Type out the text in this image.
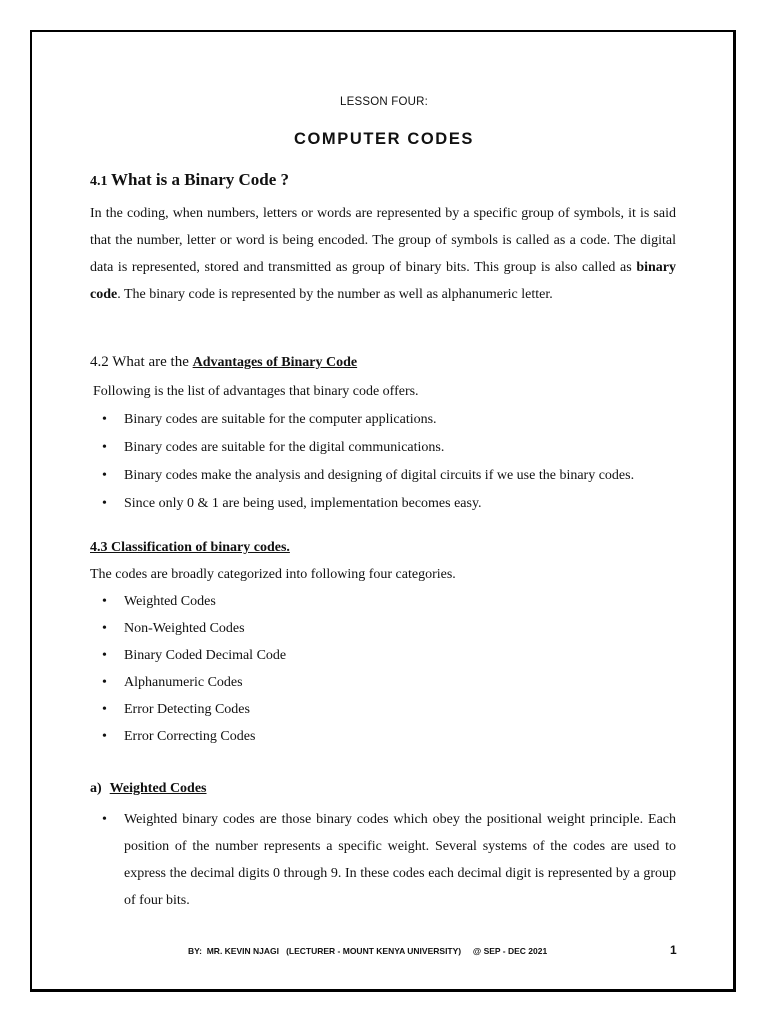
LESSON FOUR:
COMPUTER CODES
4.1 What is a Binary Code ?
In the coding, when numbers, letters or words are represented by a specific group of symbols, it is said that the number, letter or word is being encoded. The group of symbols is called as a code. The digital data is represented, stored and transmitted as group of binary bits. This group is also called as binary code. The binary code is represented by the number as well as alphanumeric letter.
4.2 What are the Advantages of Binary Code
Following is the list of advantages that binary code offers.
• Binary codes are suitable for the computer applications.
• Binary codes are suitable for the digital communications.
• Binary codes make the analysis and designing of digital circuits if we use the binary codes.
• Since only 0 & 1 are being used, implementation becomes easy.
4.3 Classification of binary codes.
The codes are broadly categorized into following four categories.
• Weighted Codes
• Non-Weighted Codes
• Binary Coded Decimal Code
• Alphanumeric Codes
• Error Detecting Codes
• Error Correcting Codes
a) Weighted Codes
• Weighted binary codes are those binary codes which obey the positional weight principle. Each position of the number represents a specific weight. Several systems of the codes are used to express the decimal digits 0 through 9. In these codes each decimal digit is represented by a group of four bits.
BY:  MR. KEVIN NJAGI   (LECTURER - MOUNT KENYA UNIVERSITY)     @ SEP - DEC 2021	1
